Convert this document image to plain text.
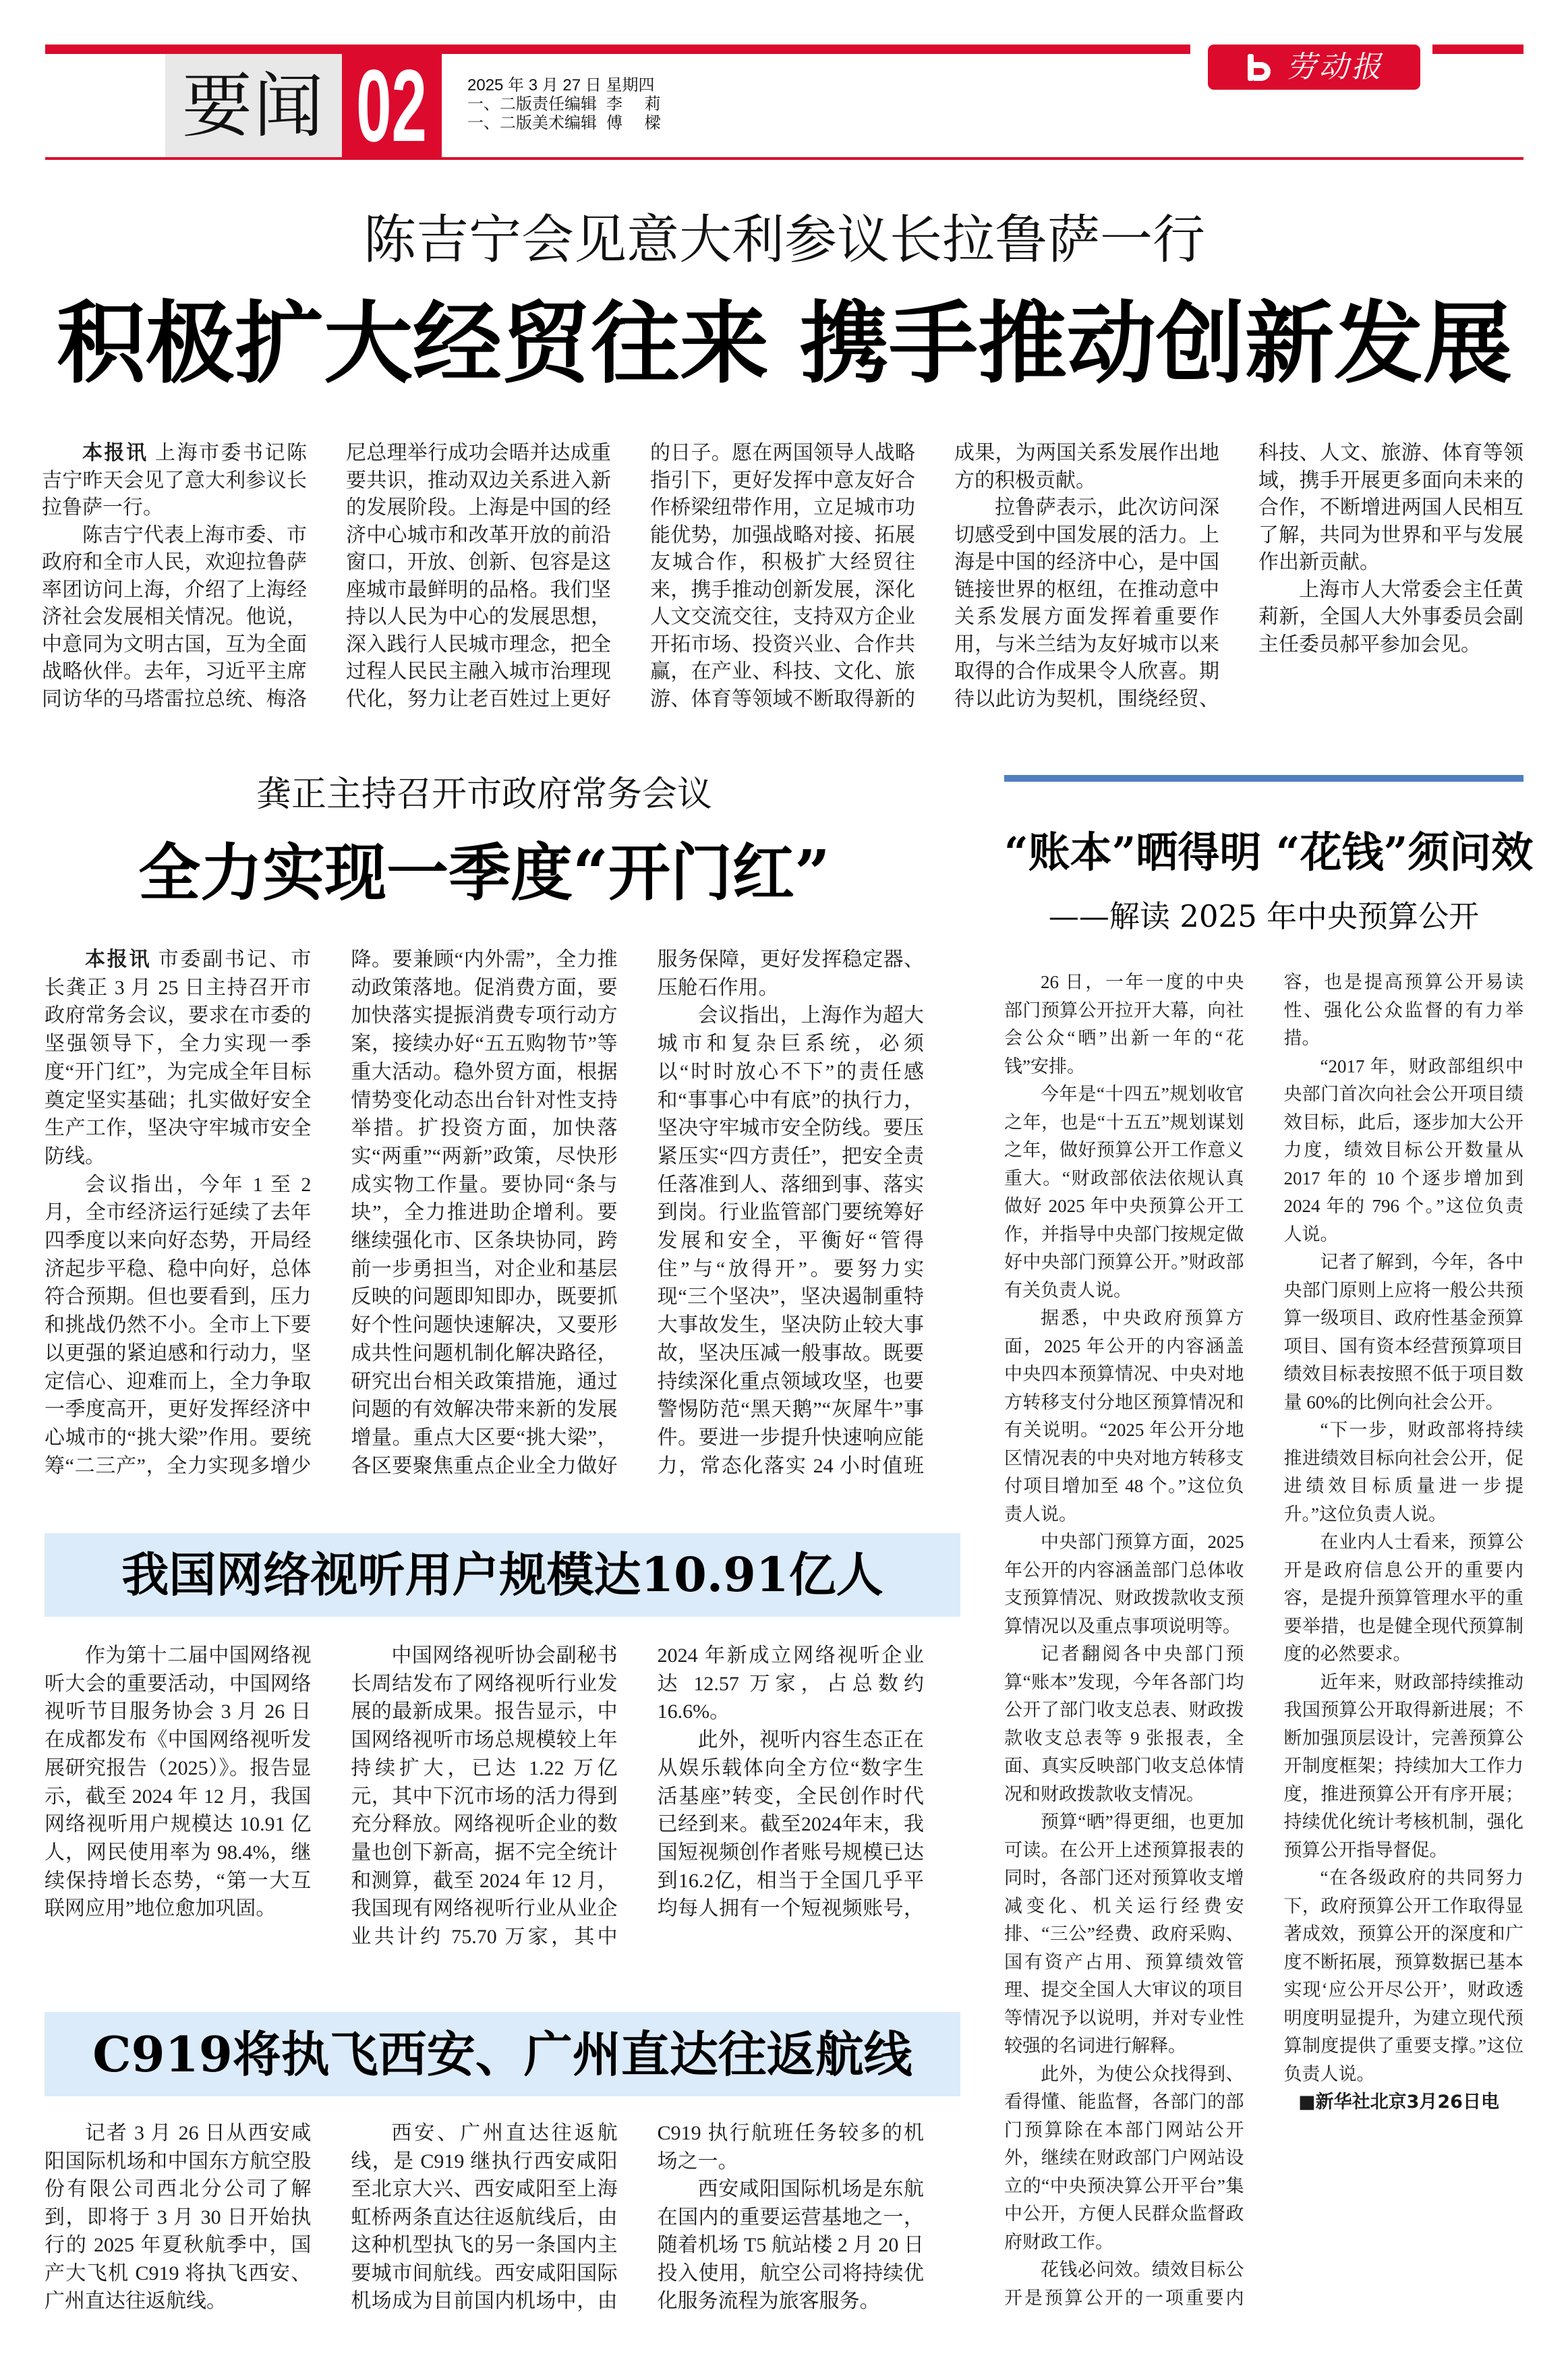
要闻 02 2025 年 3 月 27 日 星期四
一、二版责任编辑 李 莉
一、二版美术编辑 傅 樑
劳动报
陈吉宁会见意大利参议长拉鲁萨一行
积极扩大经贸往来 携手推动创新发展

本报讯 上海市委书记陈吉宁昨天会见了意大利参议长拉鲁萨一行。

陈吉宁代表上海市委、市政府和全市人民，欢迎拉鲁萨率团访问上海，介绍了上海经济社会发展相关情况。他说，中意同为文明古国，互为全面战略伙伴。去年，习近平主席同访华的马塔雷拉总统、梅洛尼总理举行成功会晤并达成重要共识，推动双边关系进入新的发展阶段。上海是中国的经济中心城市和改革开放的前沿窗口，开放、创新、包容是这座城市最鲜明的品格。我们坚持以人民为中心的发展思想，深入践行人民城市理念，把全过程人民民主融入城市治理现代化，努力让老百姓过上更好的日子。愿在两国领导人战略指引下，更好发挥中意友好合作桥梁纽带作用，立足城市功能优势，加强战略对接、拓展友城合作，积极扩大经贸往来，携手推动创新发展，深化人文交流交往，支持双方企业开拓市场、投资兴业、合作共赢，在产业、科技、文化、旅游、体育等领域不断取得新的成果，为两国关系发展作出地方的积极贡献。

拉鲁萨表示，此次访问深切感受到中国发展的活力。上海是中国的经济中心，是中国链接世界的枢纽，在推动意中关系发展方面发挥着重要作用，与米兰结为友好城市以来取得的合作成果令人欣喜。期待以此访为契机，围绕经贸、科技、人文、旅游、体育等领域，携手开展更多面向未来的合作，不断增进两国人民相互了解，共同为世界和平与发展作出新贡献。

上海市人大常委会主任黄莉新，全国人大外事委员会副主任委员郝平参加会见。

龚正主持召开市政府常务会议
全力实现一季度“开门红”

本报讯 市委副书记、市长龚正 3 月 25 日主持召开市政府常务会议，要求在市委的坚强领导下，全力实现一季度“开门红”，为完成全年目标奠定坚实基础；扎实做好安全生产工作，坚决守牢城市安全防线。

会议指出，今年 1 至 2 月，全市经济运行延续了去年四季度以来向好态势，开局经济起步平稳、稳中向好，总体符合预期。但也要看到，压力和挑战仍然不小。全市上下要以更强的紧迫感和行动力，坚定信心、迎难而上，全力争取一季度高开，更好发挥经济中心城市的“挑大梁”作用。要统筹“二三产”，全力实现多增少降。要兼顾“内外需”，全力推动政策落地。促消费方面，要加快落实提振消费专项行动方案，接续办好“五五购物节”等重大活动。稳外贸方面，根据情势变化动态出台针对性支持举措。扩投资方面，加快落实“两重”“两新”政策，尽快形成实物工作量。要协同“条与块”，全力推进助企增利。要继续强化市、区条块协同，跨前一步勇担当，对企业和基层反映的问题即知即办，既要抓好个性问题快速解决，又要形成共性问题机制化解决路径，研究出台相关政策措施，通过问题的有效解决带来新的发展增量。重点大区要“挑大梁”，各区要聚焦重点企业全力做好服务保障，更好发挥稳定器、压舱石作用。

会议指出，上海作为超大城市和复杂巨系统，必须以“时时放心不下”的责任感和“事事心中有底”的执行力，坚决守牢城市安全防线。要压紧压实“四方责任”，把安全责任落准到人、落细到事、落实到岗。行业监管部门要统筹好发展和安全，平衡好“管得住”与“放得开”。要努力实现“三个坚决”，坚决遏制重特大事故发生，坚决防止较大事故，坚决压减一般事故。既要持续深化重点领域攻坚，也要警惕防范“黑天鹅”“灰犀牛”事件。要进一步提升快速响应能力，常态化落实 24 小时值班

“账本”晒得明 “花钱”须问效
——解读 2025 年中央预算公开

26 日，一年一度的中央部门预算公开拉开大幕，向社会公众“晒”出新一年的“花钱”安排。

今年是“十四五”规划收官之年，也是“十五五”规划谋划之年，做好预算公开工作意义重大。“财政部依法依规认真做好 2025 年中央预算公开工作，并指导中央部门按规定做好中央部门预算公开。”财政部有关负责人说。

据悉，中央政府预算方面，2025 年公开的内容涵盖中央四本预算情况、中央对地方转移支付分地区预算情况和有关说明。“2025 年公开分地区情况表的中央对地方转移支付项目增加至 48 个。”这位负责人说。

中央部门预算方面，2025 年公开的内容涵盖部门总体收支预算情况、财政拨款收支预算情况以及重点事项说明等。

记者翻阅各中央部门预算“账本”发现，今年各部门均公开了部门收支总表、财政拨款收支总表等 9 张报表，全面、真实反映部门收支总体情况和财政拨款收支情况。

预算“晒”得更细，也更加可读。在公开上述预算报表的同时，各部门还对预算收支增减变化、机关运行经费安排、“三公”经费、政府采购、国有资产占用、预算绩效管理、提交全国人大审议的项目等情况予以说明，并对专业性较强的名词进行解释。

此外，为使公众找得到、看得懂、能监督，各部门的部门预算除在本部门网站公开外，继续在财政部门户网站设立的“中央预决算公开平台”集中公开，方便人民群众监督政府财政工作。

花钱必问效。绩效目标公开是预算公开的一项重要内容，也是提高预算公开易读性、强化公众监督的有力举措。

“2017 年，财政部组织中央部门首次向社会公开项目绩效目标，此后，逐步加大公开力度，绩效目标公开数量从 2017 年的 10 个逐步增加到 2024 年的 796 个。”这位负责人说。

记者了解到，今年，各中央部门原则上应将一般公共预算一级项目、政府性基金预算项目、国有资本经营预算项目绩效目标表按照不低于项目数量 60%的比例向社会公开。

“下一步，财政部将持续推进绩效目标向社会公开，促进绩效目标质量进一步提升。”这位负责人说。

在业内人士看来，预算公开是政府信息公开的重要内容，是提升预算管理水平的重要举措，也是健全现代预算制度的必然要求。

近年来，财政部持续推动我国预算公开取得新进展；不断加强顶层设计，完善预算公开制度框架；持续加大工作力度，推进预算公开有序开展；持续优化统计考核机制，强化预算公开指导督促。

“在各级政府的共同努力下，政府预算公开工作取得显著成效，预算公开的深度和广度不断拓展，预算数据已基本实现‘应公开尽公开’，财政透明度明显提升，为建立现代预算制度提供了重要支撑。”这位负责人说。

■新华社北京3月26日电

我国网络视听用户规模达10.91亿人

作为第十二届中国网络视听大会的重要活动，中国网络视听节目服务协会 3 月 26 日在成都发布《中国网络视听发展研究报告（2025）》。报告显示，截至 2024 年 12 月，我国网络视听用户规模达 10.91 亿人，网民使用率为 98.4%，继续保持增长态势，“第一大互联网应用”地位愈加巩固。

中国网络视听协会副秘书长周结发布了网络视听行业发展的最新成果。报告显示，中国网络视听市场总规模较上年持续扩大，已达 1.22 万亿元，其中下沉市场的活力得到充分释放。网络视听企业的数量也创下新高，据不完全统计和测算，截至 2024 年 12 月，我国现有网络视听行业从业企业共计约 75.70 万家，其中 2024 年新成立网络视听企业达 12.57 万家，占总数约 16.6%。

此外，视听内容生态正在从娱乐载体向全方位“数字生活基座”转变，全民创作时代已经到来。截至2024年末，我国短视频创作者账号规模已达到16.2亿，相当于全国几乎平均每人拥有一个短视频账号，

C919将执飞西安、广州直达往返航线

记者 3 月 26 日从西安咸阳国际机场和中国东方航空股份有限公司西北分公司了解到，即将于 3 月 30 日开始执行的 2025 年夏秋航季中，国产大飞机 C919 将执飞西安、广州直达往返航线。

西安、广州直达往返航线，是 C919 继执行西安咸阳至北京大兴、西安咸阳至上海虹桥两条直达往返航线后，由这种机型执飞的另一条国内主要城市间航线。西安咸阳国际机场成为目前国内机场中，由 C919 执行航班任务较多的机场之一。

西安咸阳国际机场是东航在国内的重要运营基地之一，随着机场 T5 航站楼 2 月 20 日投入使用，航空公司将持续优化服务流程为旅客服务。
